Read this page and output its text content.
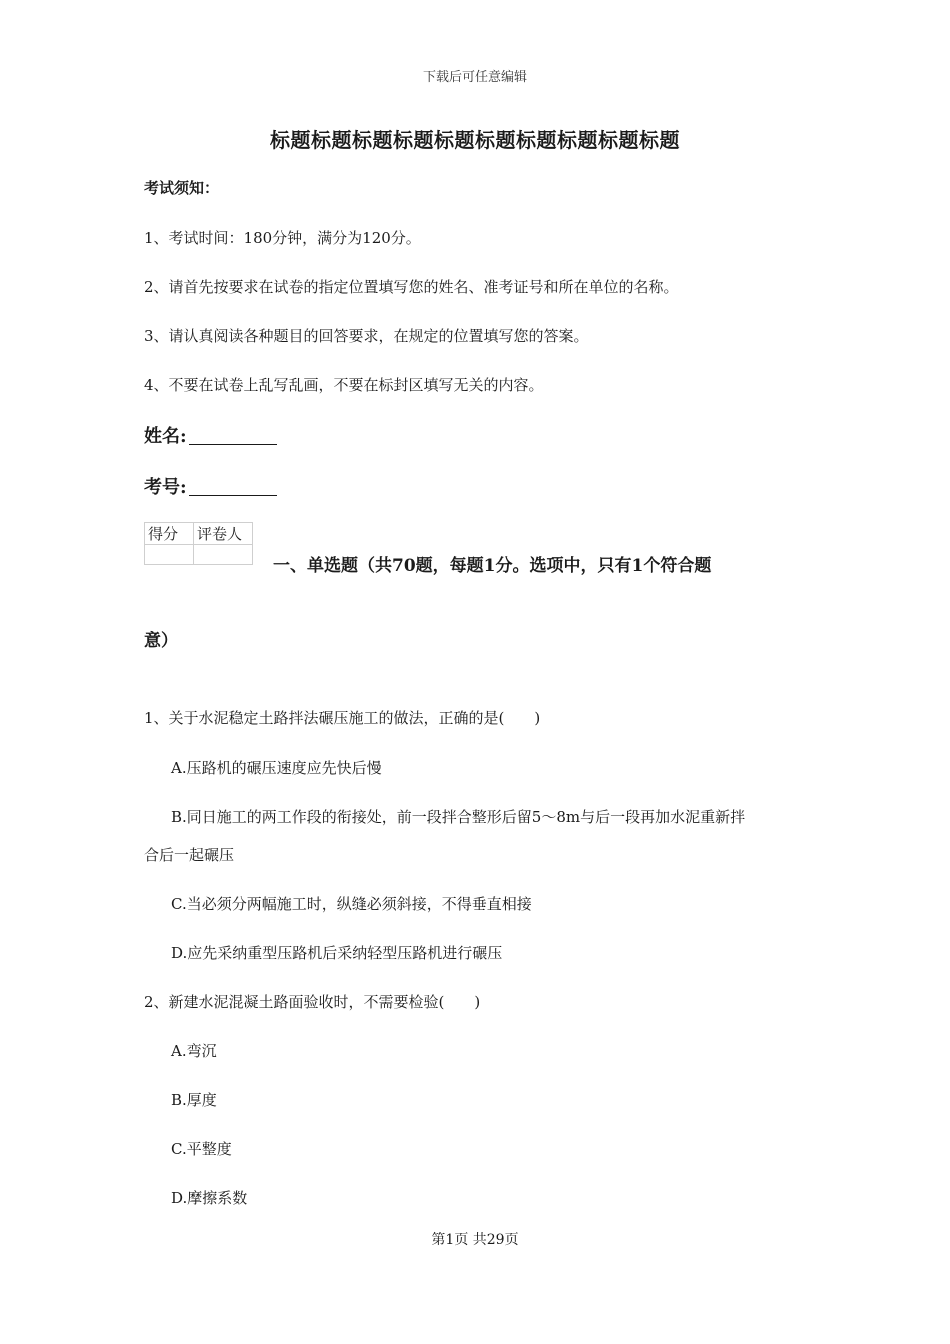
下载后可任意编辑
标题标题标题标题标题标题标题标题标题标题
考试须知：
1、考试时间：180分钟，满分为120分。
2、请首先按要求在试卷的指定位置填写您的姓名、准考证号和所在单位的名称。
3、请认真阅读各种题目的回答要求，在规定的位置填写您的答案。
4、不要在试卷上乱写乱画，不要在标封区填写无关的内容。
姓名:
考号:
得分	评卷人

一、单选题（共70题，每题1分。选项中，只有1个符合题
意）
1、关于水泥稳定土路拌法碾压施工的做法，正确的是(　　)
A.压路机的碾压速度应先快后慢
B.同日施工的两工作段的衔接处，前一段拌合整形后留5～8m与后一段再加水泥重新拌
合后一起碾压
C.当必须分两幅施工时，纵缝必须斜接，不得垂直相接
D.应先采纳重型压路机后采纳轻型压路机进行碾压
2、新建水泥混凝土路面验收时，不需要检验(　　)
A.弯沉
B.厚度
C.平整度
D.摩擦系数
第1页 共29页
